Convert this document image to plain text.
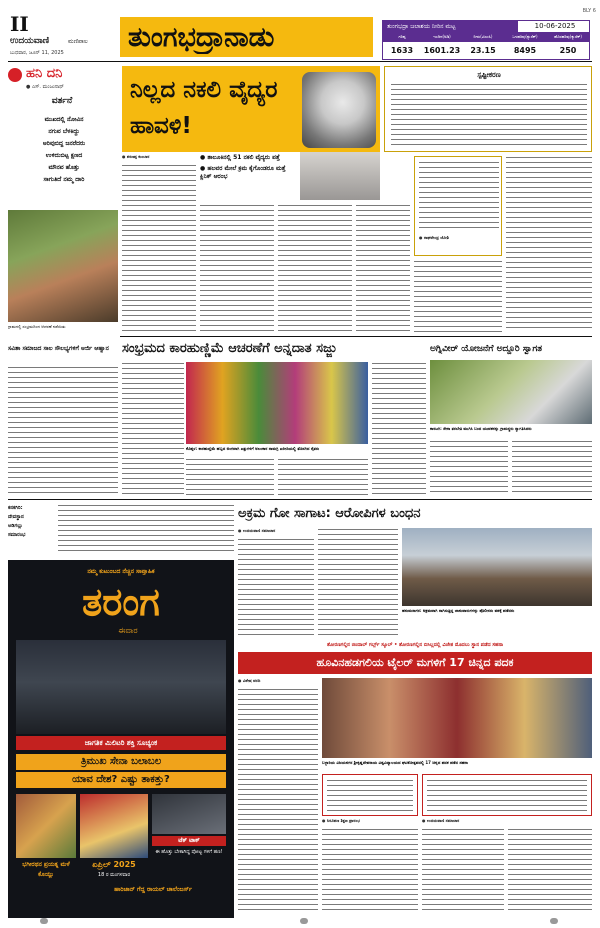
II
ಉದಯವಾಣಿ	ಮಣಿಪಾಲ
ಬುಧವಾರ, ಜೂನ್ 11, 2025	ತುಂಗಭದ್ರಾನಾಡು
BLY 6
ತುಂಗಭದ್ರಾ ಜಲಾಶಯ ನೀರಿನ ಮಟ್ಟ	10-06-2025
ಗರಿಷ್ಠ	ಇಂದಿನ(ಅಡಿ)	ನೀರು(ಟಿಎಂಸಿ)	ಒಳಹರಿವು(ಕ್ಯುಸೆಕ್)	ಹೊರಹರಿವು(ಕ್ಯುಸೆಕ್)
1633	1601.23	23.15	8495	250
ಹನಿ ದನಿ
● ಎಸ್. ಮಂಜುನಾಥ್
ವರ್ತನೆ
ಮುಖದಲ್ಲಿ ನೋವಿನ
ನಗುವ ಬೆಳಕಿದ್ದು
ಅರಿವುಬಿದ್ದ ಜನರೆದರು
ಉಳಿದುಬಿಟ್ಟ ಕ್ಷಣದ
ಮೌನವ ಹೊತ್ತು
ಸಾಗುತಿದೆ ನಮ್ಮ ದಾರಿ
ಗ್ರಾಮದಲ್ಲಿ ಸಂಭ್ರಮದಿಂದ ಆಚರಣೆ ನಡೆಯಿತು
ನಿಲ್ಲದ ನಕಲಿ ವೈದ್ಯರ ಹಾವಳಿ!
● ತಾಲೂಕಿನಲ್ಲಿ 51 ನಕಲಿ ವೈದ್ಯರು ಪತ್ತೆ
● ಹಲವರ ಮೇಲೆ ಕ್ರಮ ಕೈಗೊಂಡರೂ ಮತ್ತೆ ಕ್ಲಿನಿಕ್ ಆರಂಭ
● ಶರಣಪ್ಪ ಕುಂಬಾರ
ಸ್ಪಷ್ಟೀಕರಣ
● ರಾಘವೇಂದ್ರ ಜೋಶಿ
ಸಂಭ್ರಮದ ಕಾರಹುಣ್ಣಿಮೆ ಆಚರಣೆಗೆ ಅನ್ನದಾತ ಸಜ್ಜು
ಕೊಪ್ಪಳ: ಕಾರಹುಣ್ಣಿಮೆ ಹಬ್ಬದ ಅಂಗವಾಗಿ ಎತ್ತುಗಳಿಗೆ ಅಲಂಕಾರ ಸಾಮಗ್ರಿ ಖರೀದಿಯಲ್ಲಿ ತೊಡಗಿದ ರೈತರು
ಅಗ್ನಿವೀರ್ ಯೋಜನೆಗೆ ಅದ್ದೂರಿ ಸ್ವಾಗತ
ಕಾರಟಗಿ: ಸೇನಾ ತರಬೇತಿ ಮುಗಿಸಿ ಬಂದ ಯುವಕನನ್ನು ಗ್ರಾಮಸ್ಥರು ಸ್ವಾಗತಿಸಿದರು
ಸವಿತಾ ಸಮಾಜದ ಸಾಲ ಸೌಲಭ್ಯಗಳಿಗೆ ಅರ್ಜಿ ಆಹ್ವಾನ
ಕನಕಗಿರಿ:
ದೇವಸ್ಥಾನ
ಅಡಿಗಲ್ಲು
ಸಮಾರಂಭ
ಅಕ್ರಮ ಗೋ ಸಾಗಾಟ: ಆರೋಪಿಗಳ ಬಂಧನ
● ಉದಯವಾಣಿ ಸಮಾಚಾರ
ಹನುಮಸಾಗರ: ಅಕ್ರಮವಾಗಿ ಸಾಗಿಸುತ್ತಿದ್ದ ಜಾನುವಾರುಗಳನ್ನು ಪೊಲೀಸರು ವಶಕ್ಕೆ ಪಡೆದರು
ನಮ್ಮ ಕುಟುಂಬದ ನೆಚ್ಚಿನ ಸಾಪ್ತಾಹಿಕ
ತರಂಗ
ಈವಾರ
ಜಾಗತಿಕ ಮಿಲಿಟರಿ ಶಕ್ತಿ ಸೂಚ್ಯಂಕ
ತ್ರಿಮುಖ ಸೇನಾ ಬಲಾಬಲ
ಯಾವ ದೇಶ? ಎಷ್ಟು ತಾಕತ್ತು?
ಟೆಕ್ ಟಾಕ್
ಈ ಹೊತ್ತು ಬೇಕಾಗಿದ್ದ ಪೋಟ್ಟ ಗಳಿಗೆ ಹಣ!
ಏಪ್ರಿಲ್ 2025
18 ರ ಮಂಗಳವಾರ
ಭಗೀರಥನ ಪ್ರಯತ್ನ ಮಳೆ ಕೊಯ್ಲು
ಹಾರಿಜಾನ್ ಗೆದ್ದ ರಾಯಲ್ ಚಾಲೆಂಜರ್ಸ್
ತೋರಣಗಲ್ಲಿನ ಜಿಂದಾಲ್ ಗರ್ಲ್ಸ್ ಸ್ಕೂಲ್ • ತೋರಣಗಲ್ಲಿನ ಬಿಸಿಲ್ಲದಲ್ಲಿ ವಿಜೇತ ಮೊದಲು ಸ್ಥಾನ ಪಡೆದ ಸಹನಾ
ಹೂವಿನಹಡಗಲಿಯ ಟೈಲರ್ ಮಗಳಿಗೆ 17 ಚಿನ್ನದ ಪದಕ
● ವಿಶೇಷ ವರದಿ
ಬಳ್ಳಾರಿಯ ವಿಜಯನಗರ ಶ್ರೀಕೃಷ್ಣದೇವರಾಯ ವಿಶ್ವವಿದ್ಯಾಲಯದ ಘಟಿಕೋತ್ಸವದಲ್ಲಿ 17 ಚಿನ್ನದ ಪದಕ ಪಡೆದ ಸಹನಾ
● ನಿರೂಪಣ ಶಿಕ್ಷಣ ಪ್ರಾರಂಭ	● ಉದಯವಾಣಿ ಸಮಾಚಾರ
